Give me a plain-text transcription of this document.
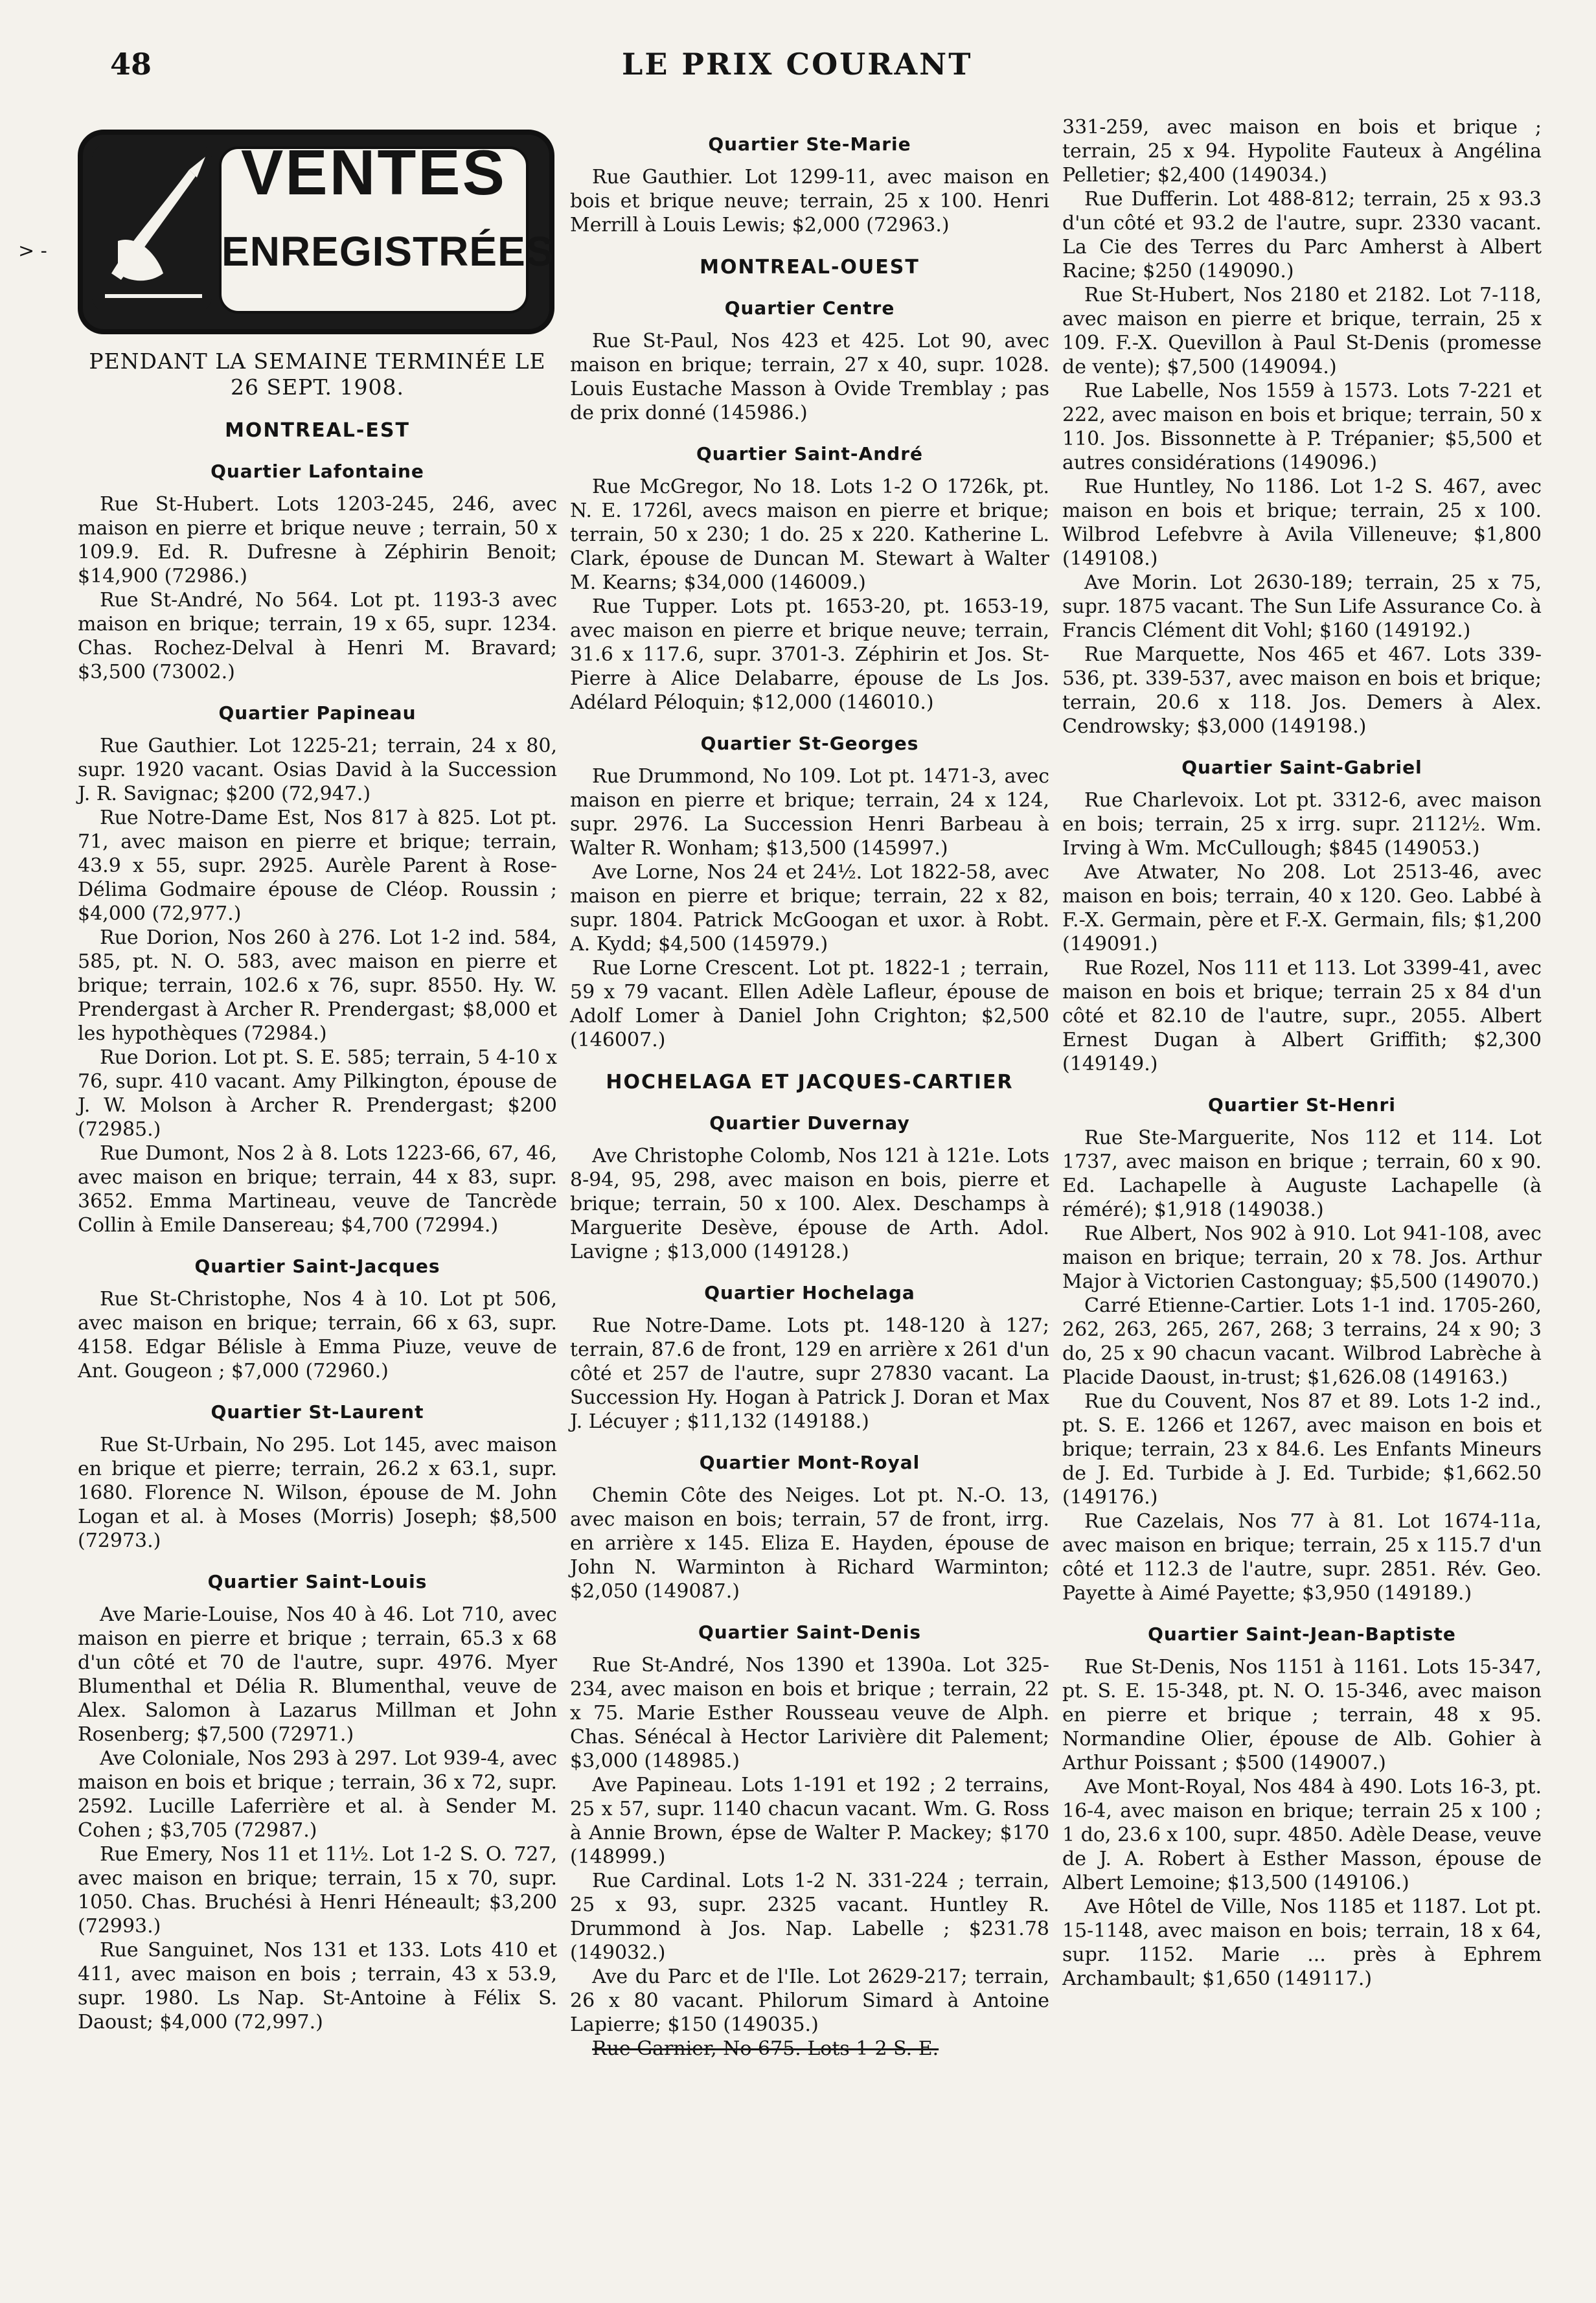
48	LE PRIX COURANT
> -
VENTES
ENREGISTRÉES
PENDANT LA SEMAINE TERMINÉE LE 26 SEPT. 1908.
MONTREAL-EST
Quartier Lafontaine

Rue St-Hubert. Lots 1203-245, 246, avec maison en pierre et brique neuve ; terrain, 50 x 109.9. Ed. R. Dufresne à Zéphirin Benoit; $14,900 (72986.)

Rue St-André, No 564. Lot pt. 1193-3 avec maison en brique; terrain, 19 x 65, supr. 1234. Chas. Rochez-Delval à Henri M. Bravard; $3,500 (73002.)

Quartier Papineau

Rue Gauthier. Lot 1225-21; terrain, 24 x 80, supr. 1920 vacant. Osias David à la Succession J. R. Savignac; $200 (72,947.)

Rue Notre-Dame Est, Nos 817 à 825. Lot pt. 71, avec maison en pierre et brique; terrain, 43.9 x 55, supr. 2925. Aurèle Parent à Rose-Délima Godmaire épouse de Cléop. Roussin ; $4,000 (72,977.)

Rue Dorion, Nos 260 à 276. Lot 1-2 ind. 584, 585, pt. N. O. 583, avec maison en pierre et brique; terrain, 102.6 x 76, supr. 8550. Hy. W. Prendergast à Archer R. Prendergast; $8,000 et les hypothèques (72984.)

Rue Dorion. Lot pt. S. E. 585; terrain, 5 4-10 x 76, supr. 410 vacant. Amy Pilkington, épouse de J. W. Molson à Archer R. Prendergast; $200 (72985.)

Rue Dumont, Nos 2 à 8. Lots 1223-66, 67, 46, avec maison en brique; terrain, 44 x 83, supr. 3652. Emma Martineau, veuve de Tancrède Collin à Emile Dansereau; $4,700 (72994.)

Quartier Saint-Jacques

Rue St-Christophe, Nos 4 à 10. Lot pt 506, avec maison en brique; terrain, 66 x 63, supr. 4158. Edgar Bélisle à Emma Piuze, veuve de Ant. Gougeon ; $7,000 (72960.)

Quartier St-Laurent

Rue St-Urbain, No 295. Lot 145, avec maison en brique et pierre; terrain, 26.2 x 63.1, supr. 1680. Florence N. Wilson, épouse de M. John Logan et al. à Moses (Morris) Joseph; $8,500 (72973.)

Quartier Saint-Louis

Ave Marie-Louise, Nos 40 à 46. Lot 710, avec maison en pierre et brique ; terrain, 65.3 x 68 d'un côté et 70 de l'autre, supr. 4976. Myer Blumenthal et Délia R. Blumenthal, veuve de Alex. Salomon à Lazarus Millman et John Rosenberg; $7,500 (72971.)

Ave Coloniale, Nos 293 à 297. Lot 939-4, avec maison en bois et brique ; terrain, 36 x 72, supr. 2592. Lucille Laferrière et al. à Sender M. Cohen ; $3,705 (72987.)

Rue Emery, Nos 11 et 11½. Lot 1-2 S. O. 727, avec maison en brique; terrain, 15 x 70, supr. 1050. Chas. Bruchési à Henri Héneault; $3,200 (72993.)

Rue Sanguinet, Nos 131 et 133. Lots 410 et 411, avec maison en bois ; terrain, 43 x 53.9, supr. 1980. Ls Nap. St-Antoine à Félix S. Daoust; $4,000 (72,997.)

Quartier Ste-Marie

Rue Gauthier. Lot 1299-11, avec maison en bois et brique neuve; terrain, 25 x 100. Henri Merrill à Louis Lewis; $2,000 (72963.)

MONTREAL-OUEST
Quartier Centre

Rue St-Paul, Nos 423 et 425. Lot 90, avec maison en brique; terrain, 27 x 40, supr. 1028. Louis Eustache Masson à Ovide Tremblay ; pas de prix donné (145986.)

Quartier Saint-André

Rue McGregor, No 18. Lots 1-2 O 1726k, pt. N. E. 1726l, avecs maison en pierre et brique; terrain, 50 x 230; 1 do. 25 x 220. Katherine L. Clark, épouse de Duncan M. Stewart à Walter M. Kearns; $34,000 (146009.)

Rue Tupper. Lots pt. 1653-20, pt. 1653-19, avec maison en pierre et brique neuve; terrain, 31.6 x 117.6, supr. 3701-3. Zéphirin et Jos. St-Pierre à Alice Delabarre, épouse de Ls Jos. Adélard Péloquin; $12,000 (146010.)

Quartier St-Georges

Rue Drummond, No 109. Lot pt. 1471-3, avec maison en pierre et brique; terrain, 24 x 124, supr. 2976. La Succession Henri Barbeau à Walter R. Wonham; $13,500 (145997.)

Ave Lorne, Nos 24 et 24½. Lot 1822-58, avec maison en pierre et brique; terrain, 22 x 82, supr. 1804. Patrick McGoogan et uxor. à Robt. A. Kydd; $4,500 (145979.)

Rue Lorne Crescent. Lot pt. 1822-1 ; terrain, 59 x 79 vacant. Ellen Adèle Lafleur, épouse de Adolf Lomer à Daniel John Crighton; $2,500 (146007.)

HOCHELAGA ET JACQUES-CARTIER
Quartier Duvernay

Ave Christophe Colomb, Nos 121 à 121e. Lots 8-94, 95, 298, avec maison en bois, pierre et brique; terrain, 50 x 100. Alex. Deschamps à Marguerite Desève, épouse de Arth. Adol. Lavigne ; $13,000 (149128.)

Quartier Hochelaga

Rue Notre-Dame. Lots pt. 148-120 à 127; terrain, 87.6 de front, 129 en arrière x 261 d'un côté et 257 de l'autre, supr 27830 vacant. La Succession Hy. Hogan à Patrick J. Doran et Max J. Lécuyer ; $11,132 (149188.)

Quartier Mont-Royal

Chemin Côte des Neiges. Lot pt. N.-O. 13, avec maison en bois; terrain, 57 de front, irrg. en arrière x 145. Eliza E. Hayden, épouse de John N. Warminton à Richard Warminton; $2,050 (149087.)

Quartier Saint-Denis

Rue St-André, Nos 1390 et 1390a. Lot 325-234, avec maison en bois et brique ; terrain, 22 x 75. Marie Esther Rousseau veuve de Alph. Chas. Sénécal à Hector Larivière dit Palement; $3,000 (148985.)

Ave Papineau. Lots 1-191 et 192 ; 2 terrains, 25 x 57, supr. 1140 chacun vacant. Wm. G. Ross à Annie Brown, épse de Walter P. Mackey; $170 (148999.)

Rue Cardinal. Lots 1-2 N. 331-224 ; terrain, 25 x 93, supr. 2325 vacant. Huntley R. Drummond à Jos. Nap. Labelle ; $231.78 (149032.)

Ave du Parc et de l'Ile. Lot 2629-217; terrain, 26 x 80 vacant. Philorum Simard à Antoine Lapierre; $150 (149035.)

Rue Garnier, No 675. Lots 1-2 S. E.

331-259, avec maison en bois et brique ; terrain, 25 x 94. Hypolite Fauteux à Angélina Pelletier; $2,400 (149034.)

Rue Dufferin. Lot 488-812; terrain, 25 x 93.3 d'un côté et 93.2 de l'autre, supr. 2330 vacant. La Cie des Terres du Parc Amherst à Albert Racine; $250 (149090.)

Rue St-Hubert, Nos 2180 et 2182. Lot 7-118, avec maison en pierre et brique, terrain, 25 x 109. F.-X. Quevillon à Paul St-Denis (promesse de vente); $7,500 (149094.)

Rue Labelle, Nos 1559 à 1573. Lots 7-221 et 222, avec maison en bois et brique; terrain, 50 x 110. Jos. Bissonnette à P. Trépanier; $5,500 et autres considérations (149096.)

Rue Huntley, No 1186. Lot 1-2 S. 467, avec maison en bois et brique; terrain, 25 x 100. Wilbrod Lefebvre à Avila Villeneuve; $1,800 (149108.)

Ave Morin. Lot 2630-189; terrain, 25 x 75, supr. 1875 vacant. The Sun Life Assurance Co. à Francis Clément dit Vohl; $160 (149192.)

Rue Marquette, Nos 465 et 467. Lots 339-536, pt. 339-537, avec maison en bois et brique; terrain, 20.6 x 118. Jos. Demers à Alex. Cendrowsky; $3,000 (149198.)

Quartier Saint-Gabriel

Rue Charlevoix. Lot pt. 3312-6, avec maison en bois; terrain, 25 x irrg. supr. 2112½. Wm. Irving à Wm. McCullough; $845 (149053.)

Ave Atwater, No 208. Lot 2513-46, avec maison en bois; terrain, 40 x 120. Geo. Labbé à F.-X. Germain, père et F.-X. Germain, fils; $1,200 (149091.)

Rue Rozel, Nos 111 et 113. Lot 3399-41, avec maison en bois et brique; terrain 25 x 84 d'un côté et 82.10 de l'autre, supr., 2055. Albert Ernest Dugan à Albert Griffith; $2,300 (149149.)

Quartier St-Henri

Rue Ste-Marguerite, Nos 112 et 114. Lot 1737, avec maison en brique ; terrain, 60 x 90. Ed. Lachapelle à Auguste Lachapelle (à réméré); $1,918 (149038.)

Rue Albert, Nos 902 à 910. Lot 941-108, avec maison en brique; terrain, 20 x 78. Jos. Arthur Major à Victorien Castonguay; $5,500 (149070.)

Carré Etienne-Cartier. Lots 1-1 ind. 1705-260, 262, 263, 265, 267, 268; 3 terrains, 24 x 90; 3 do, 25 x 90 chacun vacant. Wilbrod Labrèche à Placide Daoust, in-trust; $1,626.08 (149163.)

Rue du Couvent, Nos 87 et 89. Lots 1-2 ind., pt. S. E. 1266 et 1267, avec maison en bois et brique; terrain, 23 x 84.6. Les Enfants Mineurs de J. Ed. Turbide à J. Ed. Turbide; $1,662.50 (149176.)

Rue Cazelais, Nos 77 à 81. Lot 1674-11a, avec maison en brique; terrain, 25 x 115.7 d'un côté et 112.3 de l'autre, supr. 2851. Rév. Geo. Payette à Aimé Payette; $3,950 (149189.)

Quartier Saint-Jean-Baptiste

Rue St-Denis, Nos 1151 à 1161. Lots 15-347, pt. S. E. 15-348, pt. N. O. 15-346, avec maison en pierre et brique ; terrain, 48 x 95. Normandine Olier, épouse de Alb. Gohier à Arthur Poissant ; $500 (149007.)

Ave Mont-Royal, Nos 484 à 490. Lots 16-3, pt. 16-4, avec maison en brique; terrain 25 x 100 ; 1 do, 23.6 x 100, supr. 4850. Adèle Dease, veuve de J. A. Robert à Esther Masson, épouse de Albert Lemoine; $13,500 (149106.)

Ave Hôtel de Ville, Nos 1185 et 1187. Lot pt. 15-1148, avec maison en bois; terrain, 18 x 64, supr. 1152. Marie ... près à Ephrem Archambault; $1,650 (149117.)
